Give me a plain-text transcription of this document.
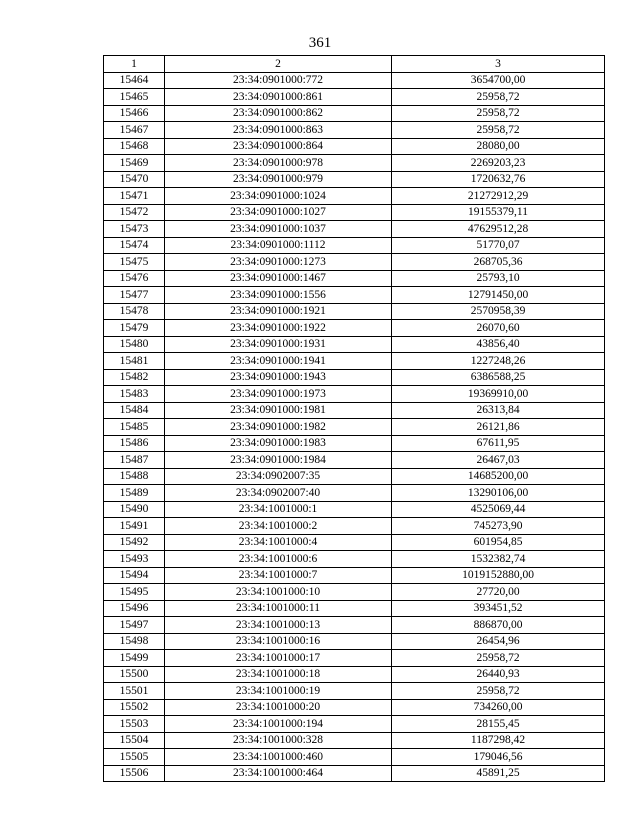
361
1	2	3
15464	23:34:0901000:772	3654700,00
15465	23:34:0901000:861	25958,72
15466	23:34:0901000:862	25958,72
15467	23:34:0901000:863	25958,72
15468	23:34:0901000:864	28080,00
15469	23:34:0901000:978	2269203,23
15470	23:34:0901000:979	1720632,76
15471	23:34:0901000:1024	21272912,29
15472	23:34:0901000:1027	19155379,11
15473	23:34:0901000:1037	47629512,28
15474	23:34:0901000:1112	51770,07
15475	23:34:0901000:1273	268705,36
15476	23:34:0901000:1467	25793,10
15477	23:34:0901000:1556	12791450,00
15478	23:34:0901000:1921	2570958,39
15479	23:34:0901000:1922	26070,60
15480	23:34:0901000:1931	43856,40
15481	23:34:0901000:1941	1227248,26
15482	23:34:0901000:1943	6386588,25
15483	23:34:0901000:1973	19369910,00
15484	23:34:0901000:1981	26313,84
15485	23:34:0901000:1982	26121,86
15486	23:34:0901000:1983	67611,95
15487	23:34:0901000:1984	26467,03
15488	23:34:0902007:35	14685200,00
15489	23:34:0902007:40	13290106,00
15490	23:34:1001000:1	4525069,44
15491	23:34:1001000:2	745273,90
15492	23:34:1001000:4	601954,85
15493	23:34:1001000:6	1532382,74
15494	23:34:1001000:7	1019152880,00
15495	23:34:1001000:10	27720,00
15496	23:34:1001000:11	393451,52
15497	23:34:1001000:13	886870,00
15498	23:34:1001000:16	26454,96
15499	23:34:1001000:17	25958,72
15500	23:34:1001000:18	26440,93
15501	23:34:1001000:19	25958,72
15502	23:34:1001000:20	734260,00
15503	23:34:1001000:194	28155,45
15504	23:34:1001000:328	1187298,42
15505	23:34:1001000:460	179046,56
15506	23:34:1001000:464	45891,25
